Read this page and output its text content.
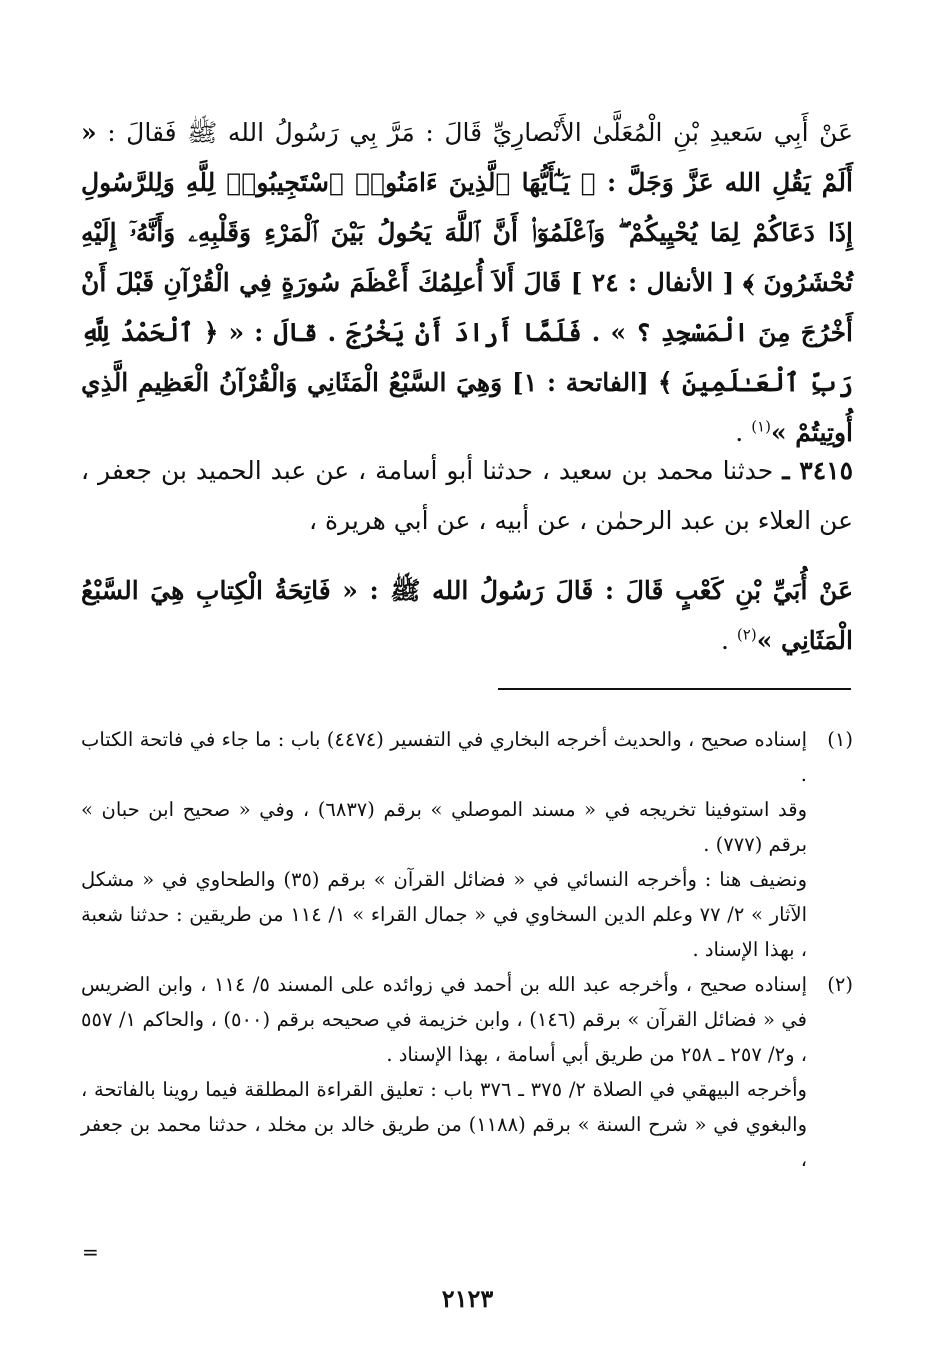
عَنْ أَبِي سَعيدِ بْنِ الْمُعَلَّىٰ الأَنْصارِيِّ قَالَ : مَرَّ بِي رَسُولُ الله ﷺ فَقالَ : « أَلَمْ يَقُلِ الله عَزَّ وَجَلَّ : ﴿ يَـٰٓأَيُّهَا ٱلَّذِينَ ءَامَنُوا۟ ٱسْتَجِيبُوا۟ لِلَّهِ وَلِلرَّسُولِ إِذَا دَعَاكُمْ لِمَا يُحْيِيكُمْ ۖ وَٱعْلَمُوٓا۟ أَنَّ ٱللَّهَ يَحُولُ بَيْنَ ٱلْمَرْءِ وَقَلْبِهِۦ وَأَنَّهُۥٓ إِلَيْهِ تُحْشَرُونَ ﴾ [ الأنفال : ٢٤ ] قَالَ أَلاَ أُعلِمُكَ أَعْظَمَ سُورَةٍ فِي الْقُرْآنِ قَبْلَ أَنْ أَخْرُجَ مِنَ الْمَسْجِدِ ؟ » . فَلَمَّا أَرادَ أَنْ يَخْرُجَ . قالَ : « ﴿ ٱلْحَمْدُ لِلَّهِ رَبِّ ٱلْعَـٰلَمِينَ ﴾ [الفاتحة : ١] وَهِيَ السَّبْعُ الْمَثَانِي وَالْقُرْآنُ الْعَظِيمِ الَّذِي أُوتِيتُمْ »$^{(١)}$ .

٣٤١٥ ـ حدثنا محمد بن سعيد ، حدثنا أبو أسامة ، عن عبد الحميد بن جعفر ، عن العلاء بن عبد الرحمٰن ، عن أبيه ، عن أبي هريرة ،

عَنْ أُبَيِّ بْنِ كَعْبٍ قَالَ : قَالَ رَسُولُ الله ﷺ : « فَاتِحَةُ الْكِتابِ هِيَ السَّبْعُ الْمَثَانِي »$^{(٢)}$ .

(١)

إسناده صحيح ، والحديث أخرجه البخاري في التفسير (٤٤٧٤) باب : ما جاء في فاتحة الكتاب .

وقد استوفينا تخريجه في « مسند الموصلي » برقم (٦٨٣٧) ، وفي « صحيح ابن حبان » برقم (٧٧٧) .

ونضيف هنا : وأخرجه النسائي في « فضائل القرآن » برقم (٣٥) والطحاوي في « مشكل الآثار » ٢/ ٧٧ وعلم الدين السخاوي في « جمال القراء » ١/ ١١٤ من طريقين : حدثنا شعبة ، بهذا الإسناد .

(٢)

إسناده صحيح ، وأخرجه عبد الله بن أحمد في زوائده على المسند ٥/ ١١٤ ، وابن الضريس في « فضائل القرآن » برقم (١٤٦) ، وابن خزيمة في صحيحه برقم (٥٠٠) ، والحاكم ١/ ٥٥٧ ، و٢/ ٢٥٧ ـ ٢٥٨ من طريق أبي أسامة ، بهذا الإسناد .

وأخرجه البيهقي في الصلاة ٢/ ٣٧٥ ـ ٣٧٦ باب : تعليق القراءة المطلقة فيما روينا بالفاتحة ، والبغوي في « شرح السنة » برقم (١١٨٨) من طريق خالد بن مخلد ، حدثنا محمد بن جعفر ،

=
٢١٢٣
